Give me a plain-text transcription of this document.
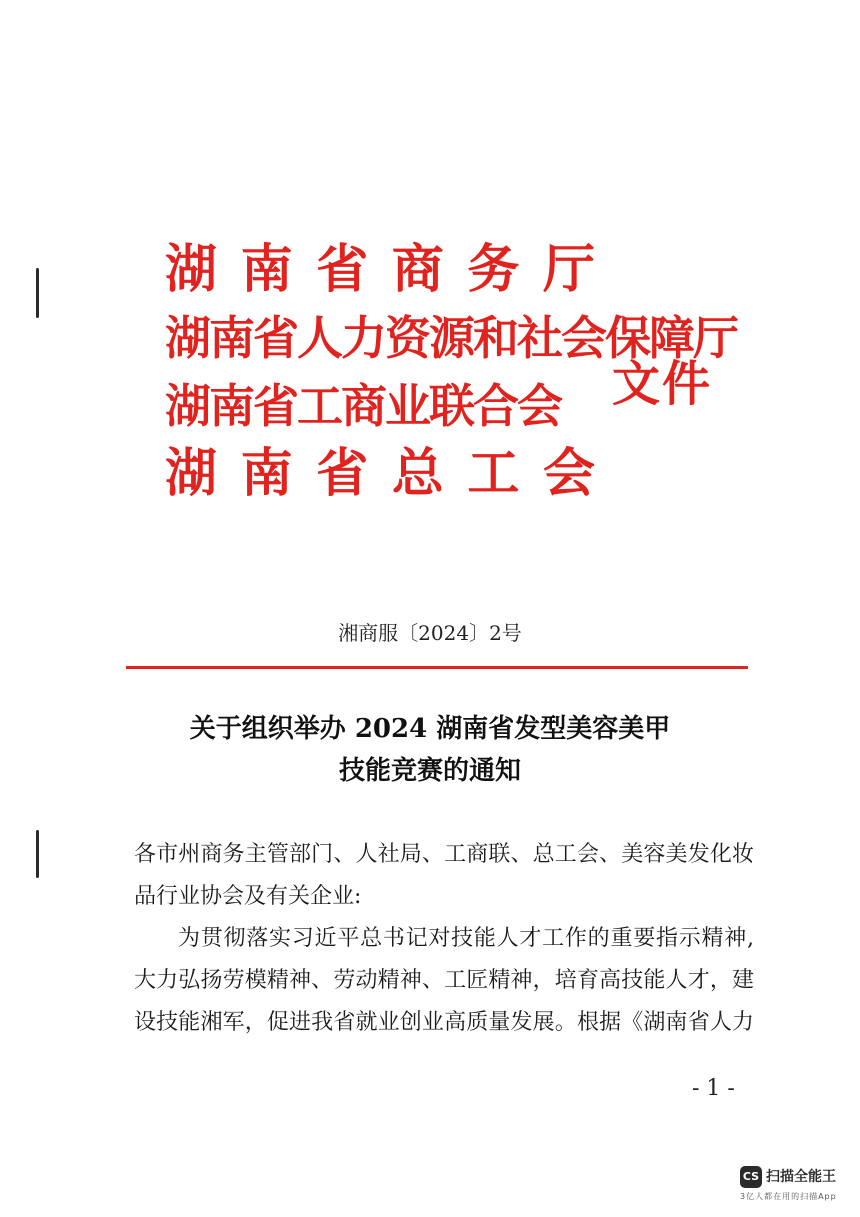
湖 南 省 商 务 厅
湖南省人力资源和社会保障厅
湖南省工商业联合会
湖 南 省 总 工 会
文件
湘商服〔2024〕2号
关于组织举办 2024 湖南省发型美容美甲
技能竞赛的通知
各市州商务主管部门、人社局、工商联、总工会、美容美发化妆
品行业协会及有关企业:
为贯彻落实习近平总书记对技能人才工作的重要指示精神,
大力弘扬劳模精神、劳动精神、工匠精神，培育高技能人才，建
设技能湘军，促进我省就业创业高质量发展。根据《湖南省人力
- 1 -
CS 扫描全能王
3亿人都在用的扫描App
